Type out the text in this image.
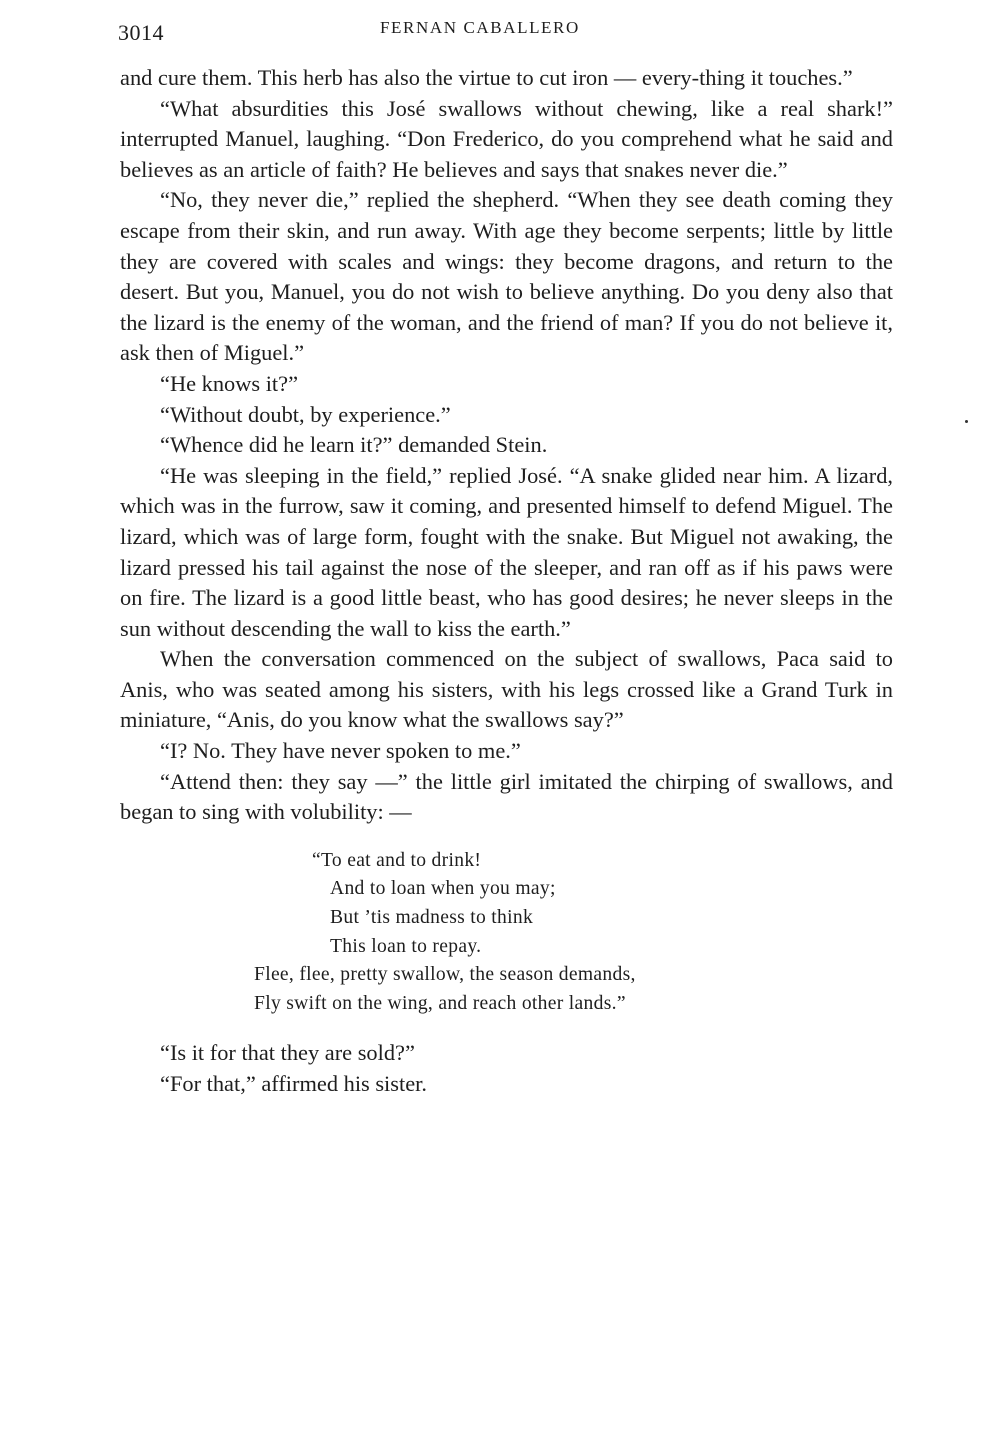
3014	FERNAN CABALLERO

and cure them. This herb has also the virtue to cut iron — every-thing it touches.”

“What absurdities this José swallows without chewing, like a real shark!” interrupted Manuel, laughing. “Don Frederico, do you comprehend what he said and believes as an article of faith? He believes and says that snakes never die.”

“No, they never die,” replied the shepherd. “When they see death coming they escape from their skin, and run away. With age they become serpents; little by little they are covered with scales and wings: they become dragons, and return to the desert. But you, Manuel, you do not wish to believe anything. Do you deny also that the lizard is the enemy of the woman, and the friend of man? If you do not believe it, ask then of Miguel.”

“He knows it?”

“Without doubt, by experience.”

“Whence did he learn it?” demanded Stein.

“He was sleeping in the field,” replied José. “A snake glided near him. A lizard, which was in the furrow, saw it coming, and presented himself to defend Miguel. The lizard, which was of large form, fought with the snake. But Miguel not awaking, the lizard pressed his tail against the nose of the sleeper, and ran off as if his paws were on fire. The lizard is a good little beast, who has good desires; he never sleeps in the sun without descending the wall to kiss the earth.”

When the conversation commenced on the subject of swallows, Paca said to Anis, who was seated among his sisters, with his legs crossed like a Grand Turk in miniature, “Anis, do you know what the swallows say?”

“I? No. They have never spoken to me.”

“Attend then: they say —” the little girl imitated the chirping of swallows, and began to sing with volubility: —

“To eat and to drink!
And to loan when you may;
But ’tis madness to think
This loan to repay.
Flee, flee, pretty swallow, the season demands,
Fly swift on the wing, and reach other lands.”

“Is it for that they are sold?”

“For that,” affirmed his sister.
